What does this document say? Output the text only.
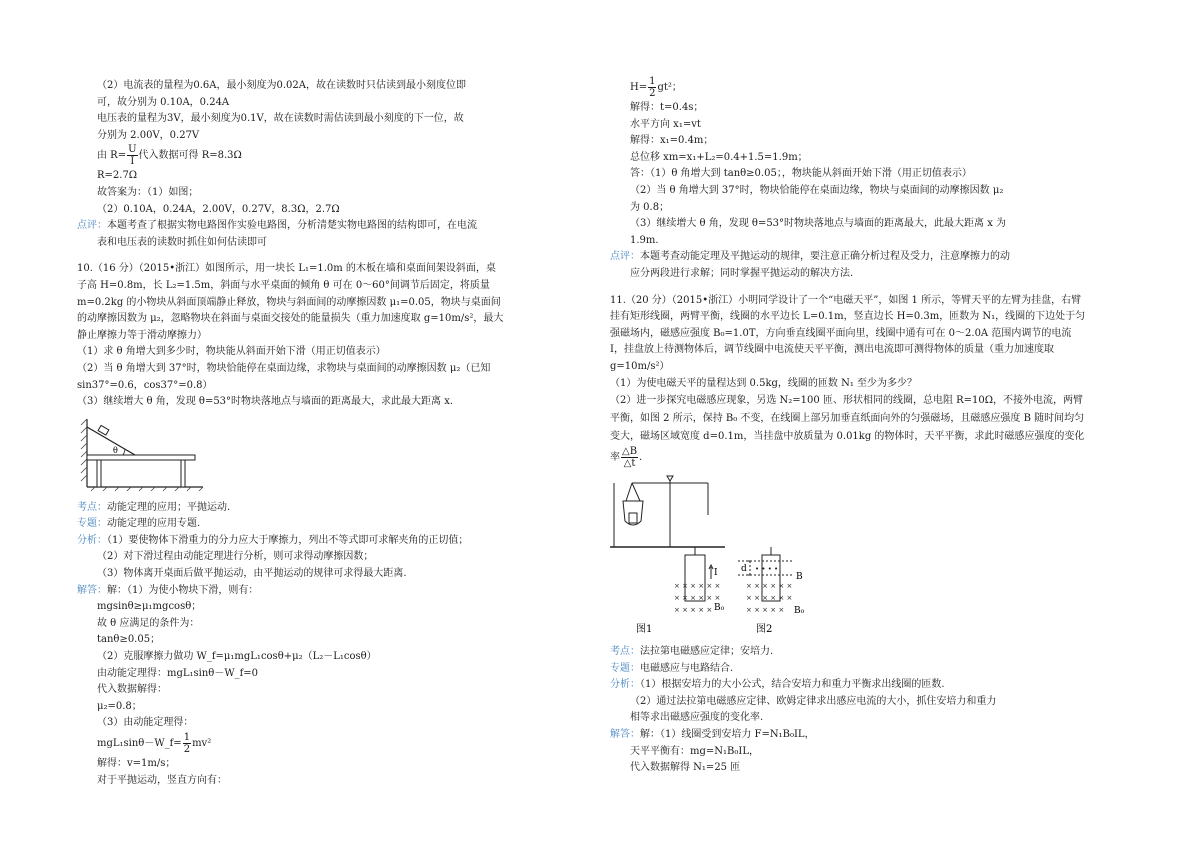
（2）电流表的量程为0.6A，最小刻度为0.02A，故在读数时只估读到最小刻度位即
可，故分别为 0.10A，0.24A
电压表的量程为3V，最小刻度为0.1V，故在读数时需估读到最小刻度的下一位，故
分别为 2.00V，0.27V
由 $R= \frac{U}{I}$ 代入数据可得 R=8.3Ω
R=2.7Ω
故答案为：（1）如图；
（2）0.10A，0.24A，2.00V，0.27V，8.3Ω，2.7Ω
点评：本题考查了根据实物电路图作实验电路图，分析清楚实物电路图的结构即可，在电流
表和电压表的读数时抓住如何估读即可
10.（16 分）（2015•浙江）如图所示，用一块长 L₁=1.0m 的木板在墙和桌面间架设斜面，桌子高 H=0.8m，长 L₂=1.5m，斜面与水平桌面的倾角 θ 可在 0～60°间调节后固定，将质量 m=0.2kg 的小物块从斜面顶端静止释放，物块与斜面间的动摩擦因数 μ₁=0.05，物块与桌面间的动摩擦因数为 μ₂，忽略物块在斜面与桌面交接处的能量损失（重力加速度取 g=10m/s²，最大静止摩擦力等于滑动摩擦力）
（1）求 θ 角增大到多少时，物块能从斜面开始下滑（用正切值表示）
（2）当 θ 角增大到 37°时，物块恰能停在桌面边缘，求物块与桌面间的动摩擦因数 μ₂（已知 sin37°=0.6，cos37°=0.8）
（3）继续增大 θ 角，发现 θ=53°时物块落地点与墙面的距离最大，求此最大距离 x.
θ
考点：动能定理的应用；平抛运动.
专题：动能定理的应用专题.
分析：（1）要使物体下滑重力的分力应大于摩擦力，列出不等式即可求解夹角的正切值；
（2）对下滑过程由动能定理进行分析，则可求得动摩擦因数；
（3）物体离开桌面后做平抛运动，由平抛运动的规律可求得最大距离.
解答：解：（1）为使小物块下滑，则有：
mgsinθ≥μ₁mgcosθ；
故 θ 应满足的条件为：
tanθ≥0.05；
（2）克服摩擦力做功 W_f=μ₁mgL₁cosθ+μ₂（L₂－L₁cosθ）
由动能定理得：mgL₁sinθ－W_f=0
代入数据解得：
μ₂=0.8；
（3）由动能定理得：
mgL₁sinθ－W_f= $\frac{1}{2} mv^2$
解得：v=1m/s；
对于平抛运动，竖直方向有：
$H= \frac{1}{2} gt^2$；
解得：t=0.4s；
水平方向 x₁=vt
解得：x₁=0.4m；
总位移 xm=x₁+L₂=0.4+1.5=1.9m；
答：（1）θ 角增大到 tanθ≥0.05；，物块能从斜面开始下滑（用正切值表示）
（2）当 θ 角增大到 37°时，物块恰能停在桌面边缘，物块与桌面间的动摩擦因数 μ₂
为 0.8；
（3）继续增大 θ 角，发现 θ=53°时物块落地点与墙面的距离最大，此最大距离 x 为
1.9m.
点评：本题考查动能定理及平抛运动的规律，要注意正确分析过程及受力，注意摩擦力的动
应分两段进行求解；同时掌握平抛运动的解决方法.
11.（20 分）（2015•浙江）小明同学设计了一个“电磁天平”，如图 1 所示，等臂天平的左臂为挂盘，右臂挂有矩形线圈，两臂平衡，线圈的水平边长 L=0.1m，竖直边长 H=0.3m，匝数为 N₁，线圈的下边处于匀强磁场内，磁感应强度 B₀=1.0T，方向垂直线圈平面向里，线圈中通有可在 0～2.0A 范围内调节的电流 I，挂盘放上待测物体后，调节线圈中电流使天平平衡，测出电流即可测得物体的质量（重力加速度取 g=10m/s²）
（1）为使电磁天平的量程达到 0.5kg，线圈的匝数 N₁ 至少为多少？
（2）进一步探究电磁感应现象，另选 N₂=100 匝、形状相同的线圈，总电阻 R=10Ω，不接外电流，两臂平衡，如图 2 所示，保持 B₀ 不变，在线圈上部另加垂直纸面向外的匀强磁场，且磁感应强度 B 随时间均匀变大，磁场区域宽度 d=0.1m，当挂盘中放质量为 0.01kg 的物体时，天平平衡，求此时磁感应强度的变化率 $\frac{\triangle B}{\triangle t}$ .
× × × × × ×
× × × × × ×
× × × × ×
• • • •
× × × × × ×
× × × × × ×
× × × × ×
I
B₀
图1
d
B
B₀
图2
考点：法拉第电磁感应定律；安培力.
专题：电磁感应与电路结合.
分析：（1）根据安培力的大小公式，结合安培力和重力平衡求出线圈的匝数.
（2）通过法拉第电磁感应定律、欧姆定律求出感应电流的大小，抓住安培力和重力
相等求出磁感应强度的变化率.
解答：解：（1）线圈受到安培力 F=N₁B₀IL，
天平平衡有：mg=N₁B₀IL，
代入数据解得 N₁=25 匝
